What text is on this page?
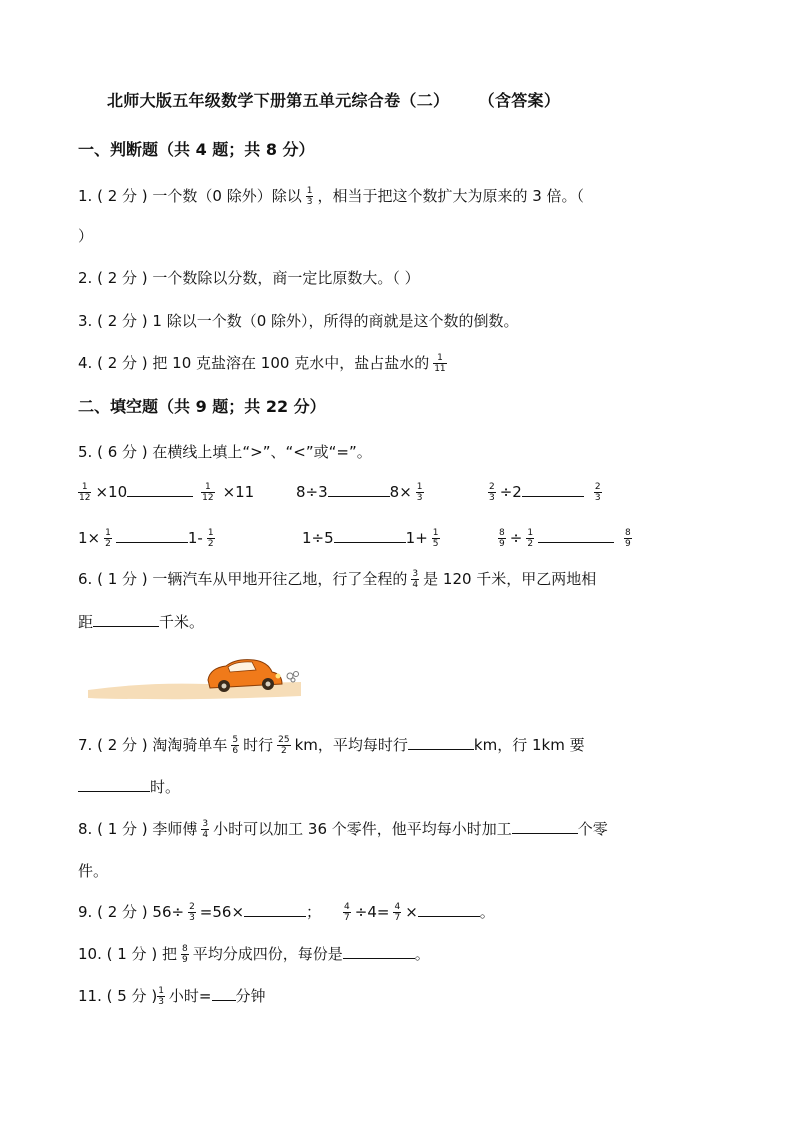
北师大版五年级数学下册第五单元综合卷（二）     （含答案）
一、判断题（共 4 题；共 8 分）
1. ( 2 分 ) 一个数（0 除外）除以 $\frac{1}{3}$ ，相当于把这个数扩大为原来的 3 倍。（
）
2. ( 2 分 ) 一个数除以分数，商一定比原数大。（ ）
3. ( 2 分 ) 1 除以一个数（0 除外），所得的商就是这个数的倒数。
4. ( 2 分 ) 把 10 克盐溶在 100 克水中，盐占盐水的 $\frac{1}{11}$
二、填空题（共 9 题；共 22 分）
5. ( 6 分 ) 在横线上填上“>”、“<”或“=”。
$\frac{1}{12} \times 10$	$\frac{1}{12} \times 11$	8÷3	$8\times \frac{1}{3}$	$\frac{2}{3} \div 2$	$\frac{2}{3}$
$1\times \frac{1}{2}$	$1- \frac{1}{2}$	1÷5	$1+ \frac{1}{5}$	$\frac{8}{9} \div \frac{1}{2}$	$\frac{8}{9}$
6. ( 1 分 ) 一辆汽车从甲地开往乙地，行了全程的 $\frac{3}{4}$ 是 120 千米，甲乙两地相
距	千米。
7. ( 2 分 ) 淘淘骑单车 $\frac{5}{6}$ 时行 $\frac{25}{2}$ km，平均每时行	km，行 1km 要
时。
8. ( 1 分 ) 李师傅 $\frac{3}{4}$ 小时可以加工 36 个零件，他平均每小时加工	个零
件。
9. ( 2 分 ) $56\div \frac{2}{3} =56\times$	； $\frac{4}{7} \div 4= \frac{4}{7}$ ×	。
10. ( 1 分 ) 把 $\frac{8}{9}$ 平均分成四份，每份是	。
11. ( 5 分 ) $\frac{1}{3}$ 小时= 分钟
